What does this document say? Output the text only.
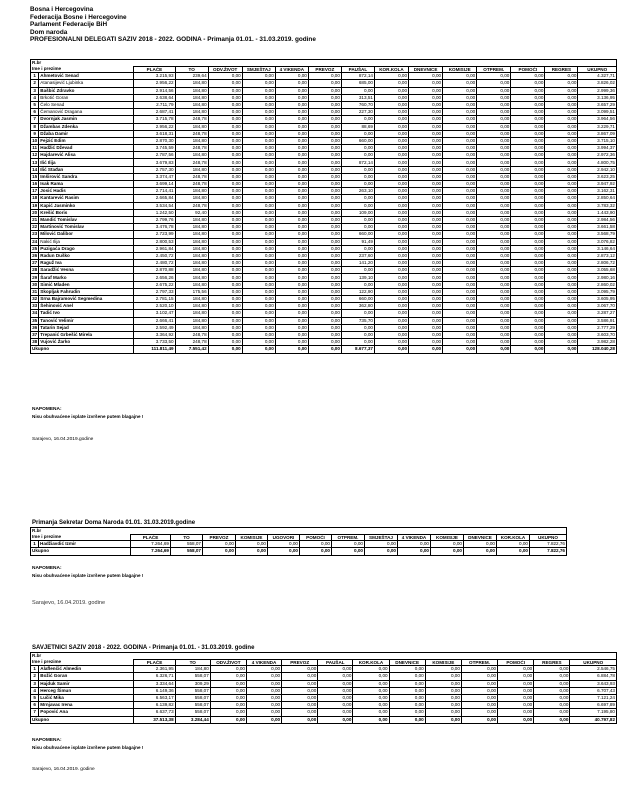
Bosna i Hercegovina
Federacija Bosne i Hercegovine
Parlament Federacije BiH
Dom naroda
PROFESIONALNI DELEGATI SAZIV 2018 - 2022. GODINA - Primanja 01.01. - 31.03.2019. godine
R.br															
Ime i prezime		PLAĆE	TO	ODV.ŽIVOT	SMJEŠTAJ	4 VIKENDA	PREVOZ	PAUŠAL	KOR.KOLA	DNEVNICE	KOMISIJE	OTPREM.	POMOĆI	REGRES	UKUPNO
1	Ahmetović Senad	3.215,93	239,64	0,00	0,00	0,00	0,00	872,14	0,00	0,00	0,00	0,00	0,00	0,00	4.327,71
2	Atanasijević Ljubinka	2.956,22	184,80	0,00	0,00	0,00	0,00	685,00	0,00	0,00	0,00	0,00	0,00	0,00	3.826,02
3	Bašbić Zdravko	2.914,56	184,80	0,00	0,00	0,00	0,00	0,00	0,00	0,00	0,00	0,00	0,00	0,00	2.999,36
4	Brkotić Goran	2.638,64	184,80	0,00	0,00	0,00	0,00	313,51	0,00	0,00	0,00	0,00	0,00	0,00	3.136,95
5	Čelo Senad	2.711,79	184,80	0,00	0,00	0,00	0,00	760,70	0,00	0,00	0,00	0,00	0,00	0,00	3.657,29
6	Čemanović Dragana	2.687,41	184,80	0,00	0,00	0,00	0,00	227,30	0,00	0,00	0,00	0,00	0,00	0,00	3.099,51
7	Dvornjak Jasmin	3.715,78	248,78	0,00	0,00	0,00	0,00	0,00	0,00	0,00	0,00	0,00	0,00	0,00	3.964,56
8	Džambas Zdenka	2.956,22	184,80	0,00	0,00	0,00	0,00	88,69	0,00	0,00	0,00	0,00	0,00	0,00	3.229,71
9	Džaba Damir	3.618,31	248,78	0,00	0,00	0,00	0,00	0,00	0,00	0,00	0,00	0,00	0,00	0,00	3.867,09
10	Fejzić Edim	2.870,30	184,80	0,00	0,00	0,00	0,00	660,00	0,00	0,00	0,00	0,00	0,00	0,00	3.715,10
11	Hadžić Dževad	3.745,59	248,78	0,00	0,00	0,00	0,00	0,00	0,00	0,00	0,00	0,00	0,00	0,00	3.994,37
12	Hajdarević Alisa	2.787,56	184,80	0,00	0,00	0,00	0,00	0,00	0,00	0,00	0,00	0,00	0,00	0,00	2.972,36
13	Ilić Ilija	3.679,83	248,78	0,00	0,00	0,00	0,00	872,14	0,00	0,00	0,00	0,00	0,00	0,00	4.800,75
14	Ilić Stađan	2.757,30	184,80	0,00	0,00	0,00	0,00	0,00	0,00	0,00	0,00	0,00	0,00	0,00	2.942,10
15	Imširović Sandra	3.374,47	248,78	0,00	0,00	0,00	0,00	0,00	0,00	0,00	0,00	0,00	0,00	0,00	3.623,25
16	Isak Rama	3.699,14	248,78	0,00	0,00	0,00	0,00	0,00	0,00	0,00	0,00	0,00	0,00	0,00	3.947,92
17	Josić Hadis	2.714,41	184,80	0,00	0,00	0,00	0,00	263,10	0,00	0,00	0,00	0,00	0,00	0,00	3.162,31
18	Kantarević Rasim	2.665,84	184,80	0,00	0,00	0,00	0,00	0,00	0,00	0,00	0,00	0,00	0,00	0,00	2.850,64
19	Kapić Jasminko	3.534,54	248,78	0,00	0,00	0,00	0,00	0,00	0,00	0,00	0,00	0,00	0,00	0,00	3.783,32
20	Krešić Boris	1.242,50	92,40	0,00	0,00	0,00	0,00	109,00	0,00	0,00	0,00	0,00	0,00	0,00	1.443,90
21	Mandić Tomislav	2.799,76	184,80	0,00	0,00	0,00	0,00	0,00	0,00	0,00	0,00	0,00	0,00	0,00	2.984,56
22	Martinović Tomislav	3.476,78	184,80	0,00	0,00	0,00	0,00	0,00	0,00	0,00	0,00	0,00	0,00	0,00	3.661,58
23	Milović Dalibor	2.723,99	184,80	0,00	0,00	0,00	0,00	660,00	0,00	0,00	0,00	0,00	0,00	0,00	3.568,79
24	Nakić Ilija	2.800,53	184,80	0,00	0,00	0,00	0,00	91,49	0,00	0,00	0,00	0,00	0,00	0,00	3.076,82
25	Puzigaća Drago	2.961,84	184,80	0,00	0,00	0,00	0,00	0,00	0,00	0,00	0,00	0,00	0,00	0,00	3.146,64
26	Radun Duško	2.450,72	184,80	0,00	0,00	0,00	0,00	237,60	0,00	0,00	0,00	0,00	0,00	0,00	2.873,12
27	Raguž Iva	2.480,72	184,80	0,00	0,00	0,00	0,00	141,20	0,00	0,00	0,00	0,00	0,00	0,00	2.806,72
28	Saradžić Vesna	2.870,88	184,80	0,00	0,00	0,00	0,00	0,00	0,00	0,00	0,00	0,00	0,00	0,00	3.055,68
29	Šaraf Marko	2.656,26	184,80	0,00	0,00	0,00	0,00	139,10	0,00	0,00	0,00	0,00	0,00	0,00	2.980,16
30	Simić Mladen	2.675,22	184,80	0,00	0,00	0,00	0,00	0,00	0,00	0,00	0,00	0,00	0,00	0,00	2.860,02
31	Skopljak Fahrudin	2.797,33	175,56	0,00	0,00	0,00	0,00	122,90	0,00	0,00	0,00	0,00	0,00	0,00	3.095,79
32	Srna Bajramović Segmedina	2.781,15	184,80	0,00	0,00	0,00	0,00	660,00	0,00	0,00	0,00	0,00	0,00	0,00	3.605,95
33	Šehinović Anel	2.520,10	184,80	0,00	0,00	0,00	0,00	362,80	0,00	0,00	0,00	0,00	0,00	0,00	3.067,70
34	Tadić Ivo	3.102,47	184,80	0,00	0,00	0,00	0,00	0,00	0,00	0,00	0,00	0,00	0,00	0,00	3.287,27
35	Tanović Velimir	2.666,41	184,80	0,00	0,00	0,00	0,00	735,70	0,00	0,00	0,00	0,00	0,00	0,00	3.586,91
36	Tatarin Sejad	2.592,49	184,80	0,00	0,00	0,00	0,00	0,00	0,00	0,00	0,00	0,00	0,00	0,00	2.777,29
37	Trepanić Grbešić Mirela	3.364,92	248,78	0,00	0,00	0,00	0,00	0,00	0,00	0,00	0,00	0,00	0,00	0,00	3.603,70
38	Vujović Žarko	3.733,50	248,78	0,00	0,00	0,00	0,00	0,00	0,00	0,00	0,00	0,00	0,00	0,00	3.982,28
Ukupno		111.811,49	7.551,42	0,00	0,00	0,00	0,00	8.677,37	0,00	0,00	0,00	0,00	0,00	0,00	128.040,28
NAPOMENA:
Nisu obuhvaćene isplate izvršene putem blagajne !
Sarajevo, 16.04.2019.godine
Primanja Sekretar Doma Naroda 01.01. 31.03.2019.godine
R.br														
Ime i prezime		PLAĆE	TO	PREVOZ	KOMISIJE	UGOVORI	POMOĆI	OTPREM.	SMJEŠTAJ	4 VIKENDA	KOMISIJE	DNEVNICE	KOR.KOLA	UKUPNO
1	Hadžiavdić Izmir	7.264,69	558,07	0,00	0,00	0,00	0,00	0,00	0,00	0,00	0,00	0,00	0,00	7.822,76
Ukupno		7.264,69	558,07	0,00	0,00	0,00	0,00	0,00	0,00	0,00	0,00	0,00	0,00	7.822,76
NAPOMENA:
Nisu obuhvaćene isplate izvršene putem blagajne !
Sarajevo, 16.04.2019. godine
SAVJETNICI SAZIV 2018 - 2022. GODINA - Primanja 01.01. - 31.03.2019. godine
R.br														
Ime i prezime		PLAĆE	TO	ODV.ŽIVOT	4 VIKENDA	PREVOZ	PAUŠAL	KOR.KOLA	DNEVNICE	KOMISIJE	OTPREM.	POMOĆI	REGRES	UKUPNO
1	Alaflenčić Almedin	2.361,95	184,80	0,00	0,00	0,00	0,00	0,00	0,00	0,00	0,00	0,00	0,00	2.546,75
2	Božić Goran	6.326,71	558,07	0,00	0,00	0,00	0,00	0,00	0,00	0,00	0,00	0,00	0,00	6.884,78
3	Hajduk Samir	3.334,64	309,29	0,00	0,00	0,00	0,00	0,00	0,00	0,00	0,00	0,00	0,00	3.643,93
4	Herceg Šimun	6.149,36	558,07	0,00	0,00	0,00	0,00	0,00	0,00	0,00	0,00	0,00	0,00	6.707,43
5	Lučić Mika	6.563,17	558,07	0,00	0,00	0,00	0,00	0,00	0,00	0,00	0,00	0,00	0,00	7.121,24
6	Mrnjavac Irena	6.139,82	558,07	0,00	0,00	0,00	0,00	0,00	0,00	0,00	0,00	0,00	0,00	6.697,89
7	Popović Ana	6.637,73	558,07	0,00	0,00	0,00	0,00	0,00	0,00	0,00	0,00	0,00	0,00	7.195,80
Ukupno		37.513,38	3.284,44	0,00	0,00	0,00	0,00	0,00	0,00	0,00	0,00	0,00	0,00	40.797,82
NAPOMENA:
Nisu obuhvaćene isplate izvršene putem blagajne !
Sarajevo, 16.04.2019. godine
